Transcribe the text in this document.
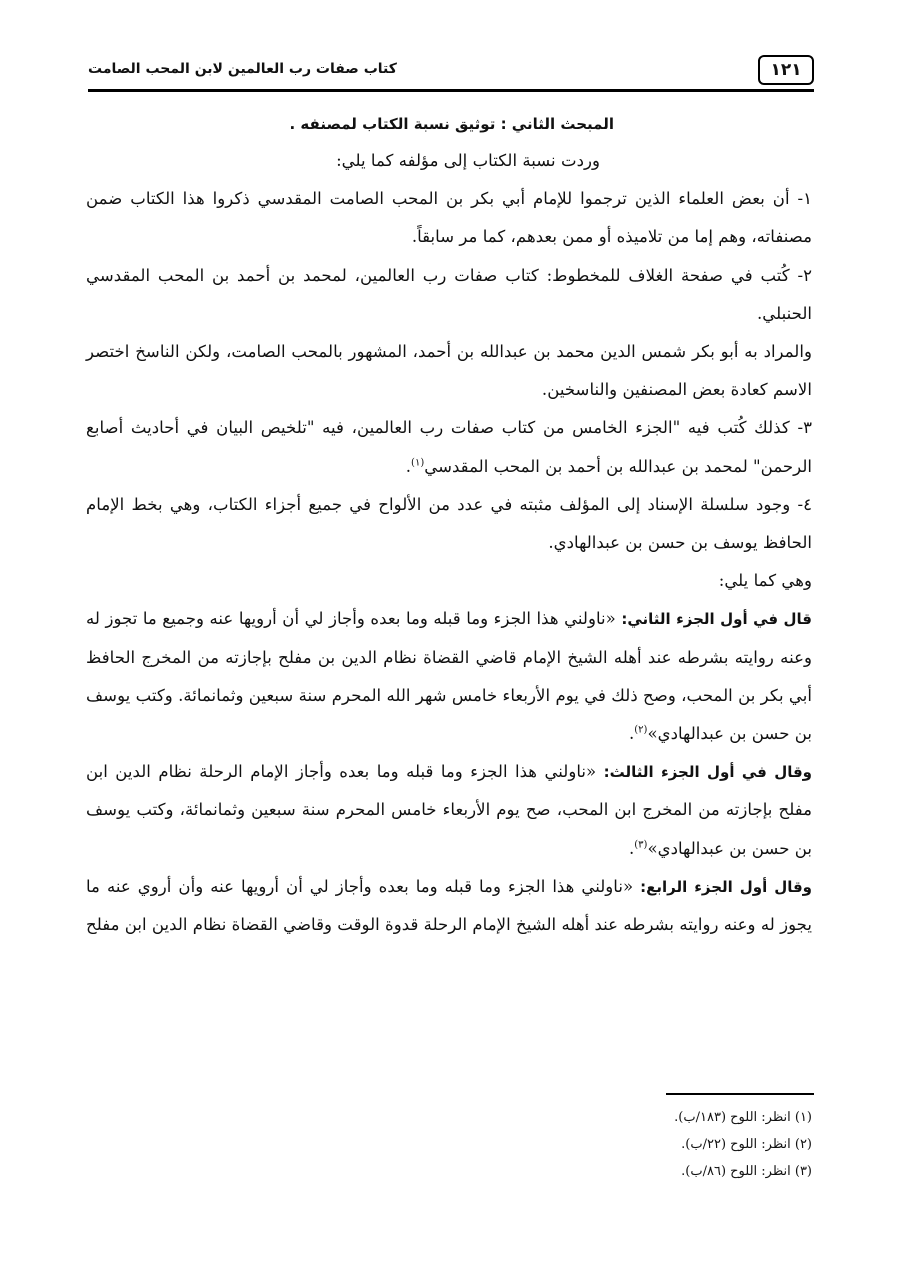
١٢١
كتاب صفات رب العالمين لابن المحب الصامت

المبحث الثاني : توثيق نسبة الكتاب لمصنفه .

وردت نسبة الكتاب إلى مؤلفه كما يلي:

١- أن بعض العلماء الذين ترجموا للإمام أبي بكر بن المحب الصامت المقدسي ذكروا هذا الكتاب ضمن مصنفاته، وهم إما من تلاميذه أو ممن بعدهم، كما مر سابقاً.

٢- كُتب في صفحة الغلاف للمخطوط: كتاب صفات رب العالمين، لمحمد بن أحمد بن المحب المقدسي الحنبلي.

والمراد به أبو بكر شمس الدين محمد بن عبدالله بن أحمد، المشهور بالمحب الصامت، ولكن الناسخ اختصر الاسم كعادة بعض المصنفين والناسخين.

٣- كذلك كُتب فيه "الجزء الخامس من كتاب صفات رب العالمين، فيه "تلخيص البيان في أحاديث أصابع الرحمن" لمحمد بن عبدالله بن أحمد بن المحب المقدسي$^{(١)}$.

٤- وجود سلسلة الإسناد إلى المؤلف مثبته في عدد من الألواح في جميع أجزاء الكتاب، وهي بخط الإمام الحافظ يوسف بن حسن بن عبدالهادي.

وهي كما يلي:

قال في أول الجزء الثاني: «ناولني هذا الجزء وما قبله وما بعده وأجاز لي أن أرويها عنه وجميع ما تجوز له وعنه روايته بشرطه عند أهله الشيخ الإمام قاضي القضاة نظام الدين بن مفلح بإجازته من المخرج الحافظ أبي بكر بن المحب، وصح ذلك في يوم الأربعاء خامس شهر الله المحرم سنة سبعين وثمانمائة. وكتب يوسف بن حسن بن عبدالهادي»$^{(٢)}$.

وقال في أول الجزء الثالث: «ناولني هذا الجزء وما قبله وما بعده وأجاز الإمام الرحلة نظام الدين ابن مفلح بإجازته من المخرج ابن المحب، صح يوم الأربعاء خامس المحرم سنة سبعين وثمانمائة، وكتب يوسف بن حسن بن عبدالهادي»$^{(٣)}$.

وقال أول الجزء الرابع: «ناولني هذا الجزء وما قبله وما بعده وأجاز لي أن أرويها عنه وأن أروي عنه ما يجوز له وعنه روايته بشرطه عند أهله الشيخ الإمام الرحلة قدوة الوقت وقاضي القضاة نظام الدين ابن مفلح

(١) انظر: اللوح (١٨٣/ب).
(٢) انظر: اللوح (٢٢/ب).
(٣) انظر: اللوح (٨٦/ب).
